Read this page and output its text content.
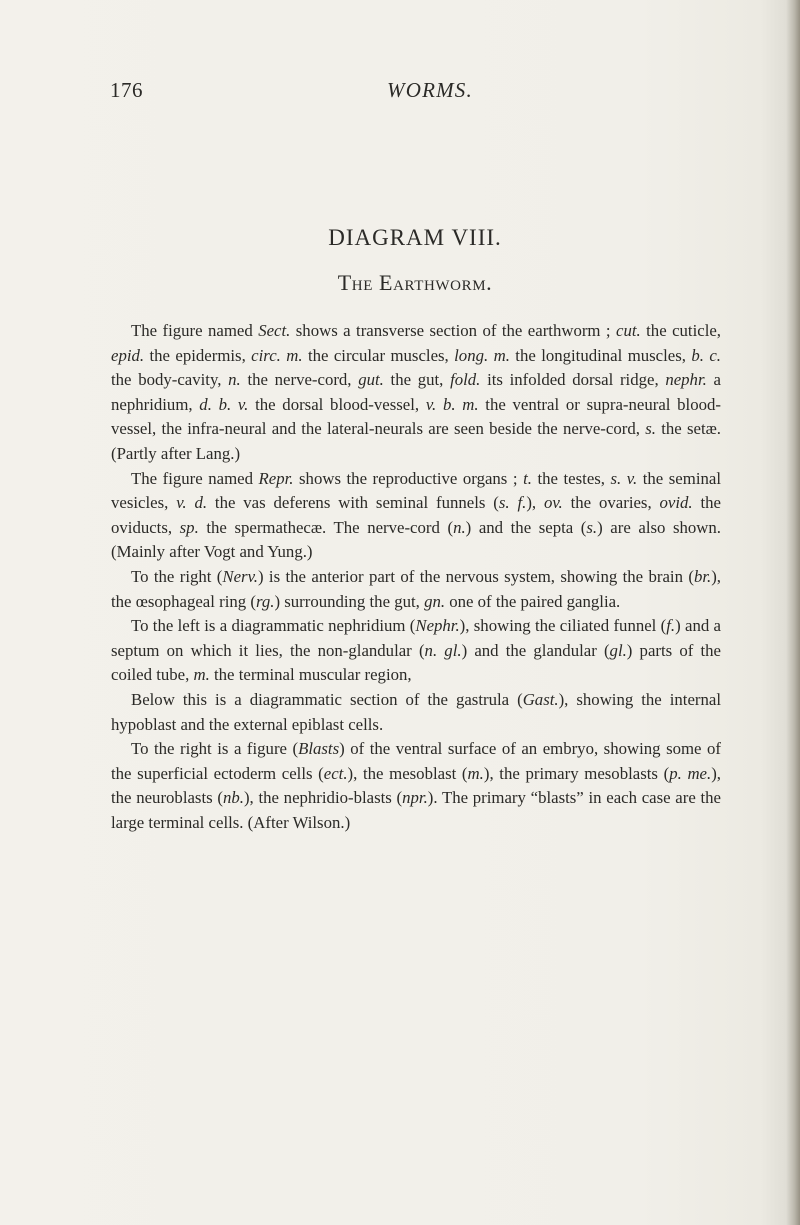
176	WORMS.
DIAGRAM VIII.
The Earthworm.

The figure named Sect. shows a transverse section of the earthworm ; cut. the cuticle, epid. the epidermis, circ. m. the circular muscles, long. m. the longitudinal muscles, b. c. the body-cavity, n. the nerve-cord, gut. the gut, fold. its infolded dorsal ridge, nephr. a nephridium, d. b. v. the dorsal blood-vessel, v. b. m. the ventral or supra-neural blood-vessel, the infra-neural and the lateral-neurals are seen beside the nerve-cord, s. the setæ. (Partly after Lang.)

The figure named Repr. shows the reproductive organs ; t. the testes, s. v. the seminal vesicles, v. d. the vas deferens with seminal funnels (s. f.), ov. the ovaries, ovid. the oviducts, sp. the spermathecæ. The nerve-cord (n.) and the septa (s.) are also shown. (Mainly after Vogt and Yung.)

To the right (Nerv.) is the anterior part of the nervous system, showing the brain (br.), the œsophageal ring (rg.) surrounding the gut, gn. one of the paired ganglia.

To the left is a diagrammatic nephridium (Nephr.), showing the ciliated funnel (f.) and a septum on which it lies, the non-glandular (n. gl.) and the glandular (gl.) parts of the coiled tube, m. the terminal muscular region,

Below this is a diagrammatic section of the gastrula (Gast.), showing the internal hypoblast and the external epiblast cells.

To the right is a figure (Blasts) of the ventral surface of an embryo, showing some of the superficial ectoderm cells (ect.), the mesoblast (m.), the primary mesoblasts (p. me.), the neuroblasts (nb.), the nephridio-blasts (npr.). The primary “blasts” in each case are the large terminal cells. (After Wilson.)
